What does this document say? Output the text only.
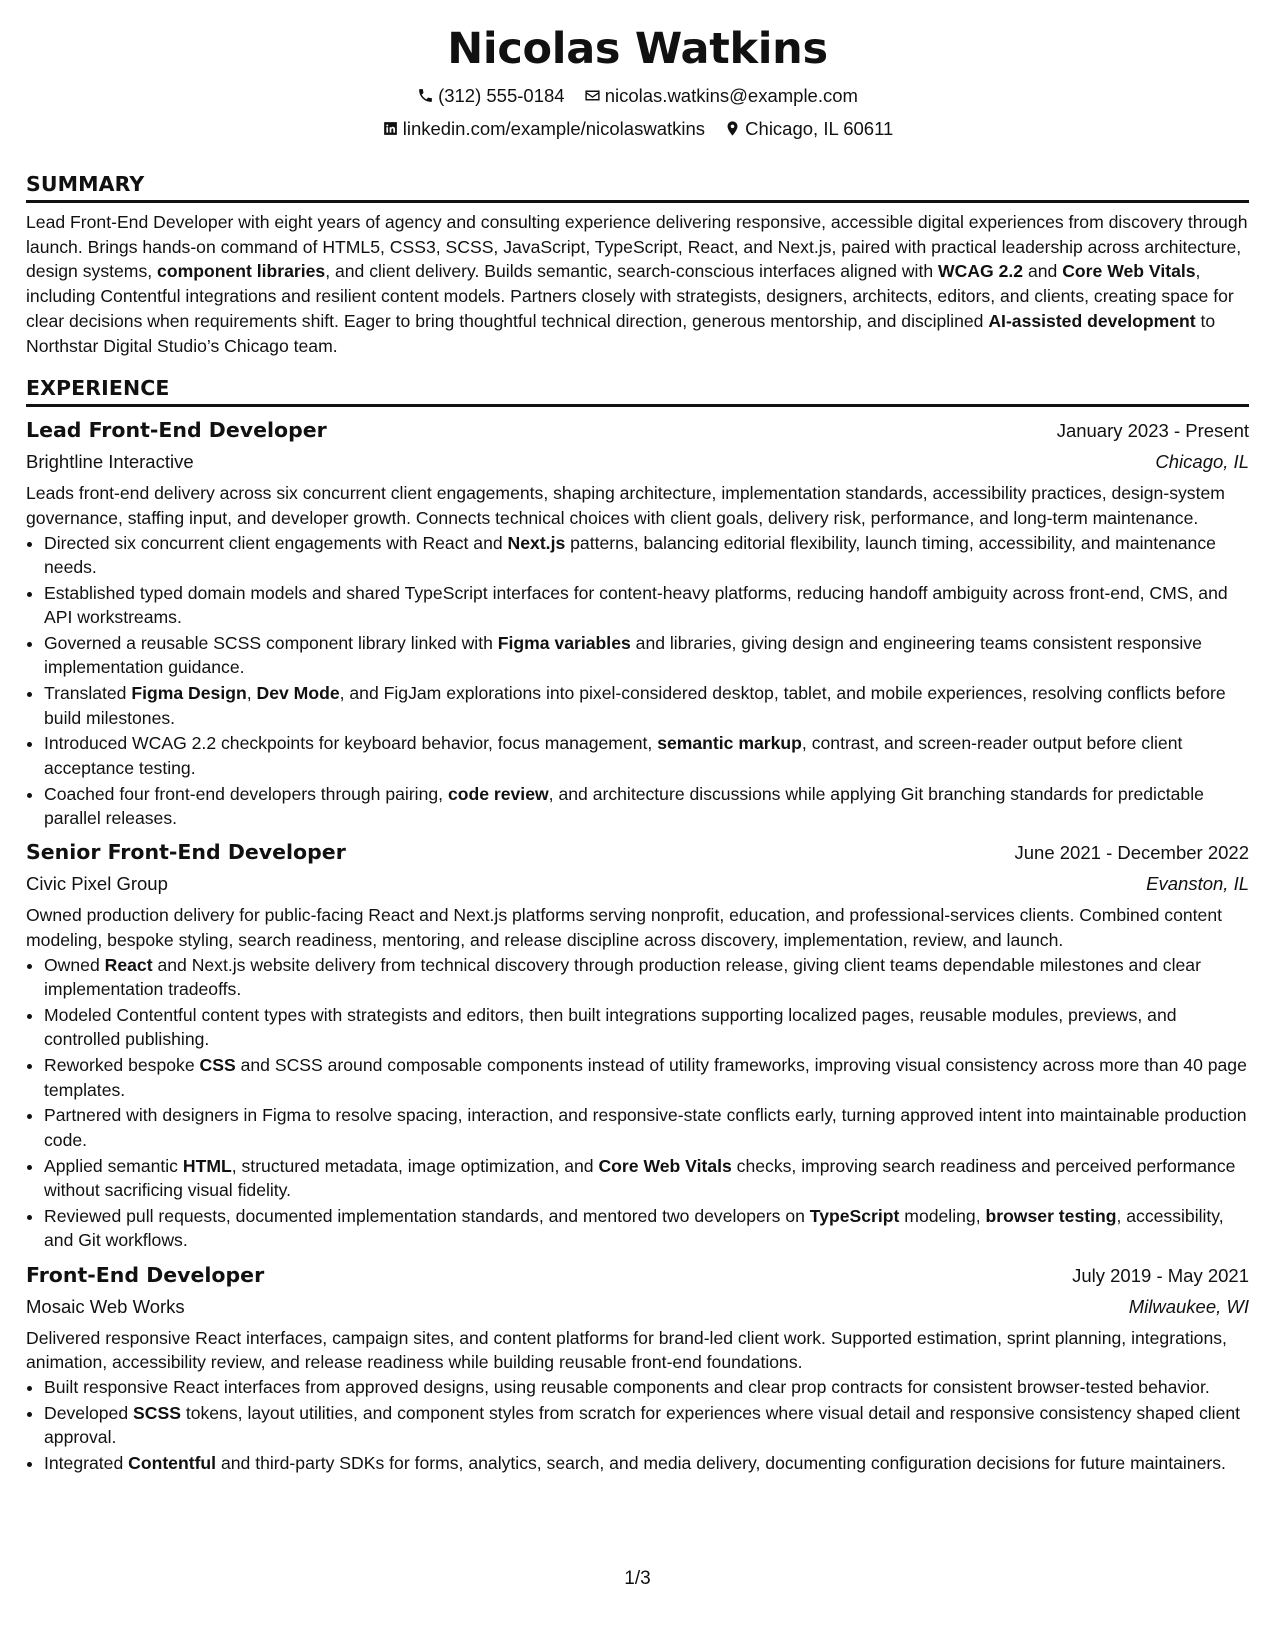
Nicolas Watkins
(312) 555-0184
nicolas.watkins@example.com
linkedin.com/example/nicolaswatkins
Chicago, IL 60611
SUMMARY

Lead Front-End Developer with eight years of agency and consulting experience delivering responsive, accessible digital experiences from discovery through launch. Brings hands-on command of HTML5, CSS3, SCSS, JavaScript, TypeScript, React, and Next.js, paired with practical leadership across architecture, design systems, component libraries, and client delivery. Builds semantic, search-conscious interfaces aligned with WCAG 2.2 and Core Web Vitals, including Contentful integrations and resilient content models. Partners closely with strategists, designers, architects, editors, and clients, creating space for clear decisions when requirements shift. Eager to bring thoughtful technical direction, generous mentorship, and disciplined AI-assisted development to Northstar Digital Studio’s Chicago team.

EXPERIENCE
Lead Front-End Developer	January 2023 - Present
Brightline Interactive	Chicago, IL

Leads front-end delivery across six concurrent client engagements, shaping architecture, implementation standards, accessibility practices, design-system governance, staffing input, and developer growth. Connects technical choices with client goals, delivery risk, performance, and long-term maintenance.

• Directed six concurrent client engagements with React and Next.js patterns, balancing editorial flexibility, launch timing, accessibility, and maintenance needs.
• Established typed domain models and shared TypeScript interfaces for content-heavy platforms, reducing handoff ambiguity across front-end, CMS, and API workstreams.
• Governed a reusable SCSS component library linked with Figma variables and libraries, giving design and engineering teams consistent responsive implementation guidance.
• Translated Figma Design, Dev Mode, and FigJam explorations into pixel-considered desktop, tablet, and mobile experiences, resolving conflicts before build milestones.
• Introduced WCAG 2.2 checkpoints for keyboard behavior, focus management, semantic markup, contrast, and screen-reader output before client acceptance testing.
• Coached four front-end developers through pairing, code review, and architecture discussions while applying Git branching standards for predictable parallel releases.
Senior Front-End Developer	June 2021 - December 2022
Civic Pixel Group	Evanston, IL

Owned production delivery for public-facing React and Next.js platforms serving nonprofit, education, and professional-services clients. Combined content modeling, bespoke styling, search readiness, mentoring, and release discipline across discovery, implementation, review, and launch.

• Owned React and Next.js website delivery from technical discovery through production release, giving client teams dependable milestones and clear implementation tradeoffs.
• Modeled Contentful content types with strategists and editors, then built integrations supporting localized pages, reusable modules, previews, and controlled publishing.
• Reworked bespoke CSS and SCSS around composable components instead of utility frameworks, improving visual consistency across more than 40 page templates.
• Partnered with designers in Figma to resolve spacing, interaction, and responsive-state conflicts early, turning approved intent into maintainable production code.
• Applied semantic HTML, structured metadata, image optimization, and Core Web Vitals checks, improving search readiness and perceived performance without sacrificing visual fidelity.
• Reviewed pull requests, documented implementation standards, and mentored two developers on TypeScript modeling, browser testing, accessibility, and Git workflows.
Front-End Developer	July 2019 - May 2021
Mosaic Web Works	Milwaukee, WI

Delivered responsive React interfaces, campaign sites, and content platforms for brand-led client work. Supported estimation, sprint planning, integrations, animation, accessibility review, and release readiness while building reusable front-end foundations.

• Built responsive React interfaces from approved designs, using reusable components and clear prop contracts for consistent browser-tested behavior.
• Developed SCSS tokens, layout utilities, and component styles from scratch for experiences where visual detail and responsive consistency shaped client approval.
• Integrated Contentful and third-party SDKs for forms, analytics, search, and media delivery, documenting configuration decisions for future maintainers.
1/3
